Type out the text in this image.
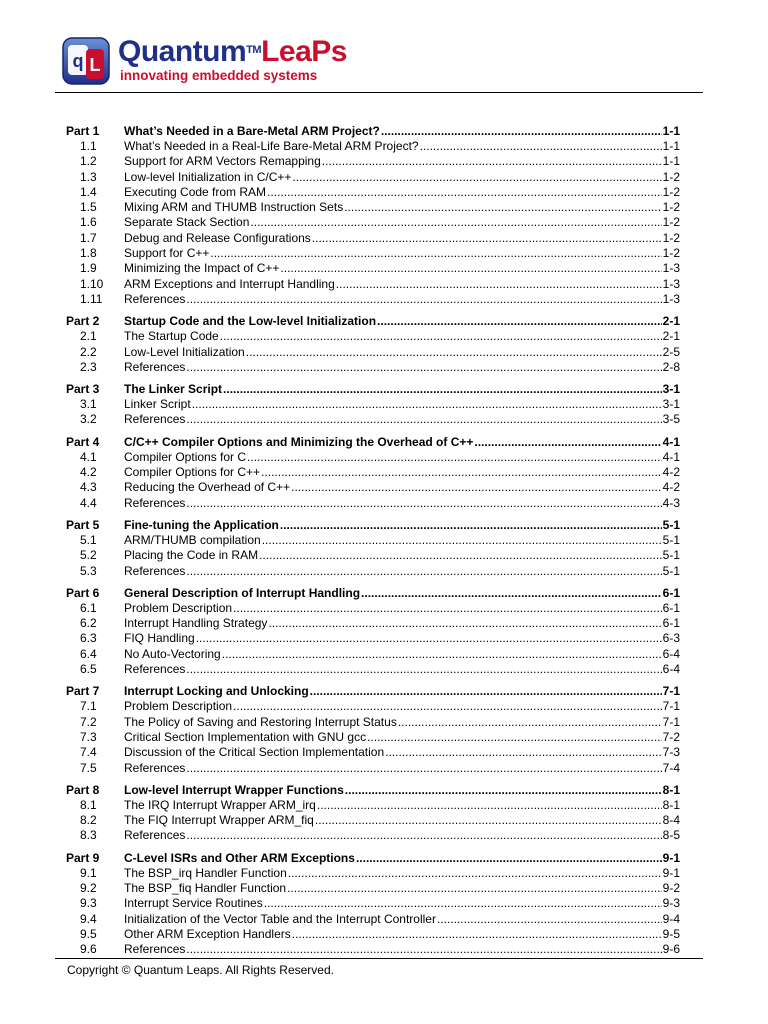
q L Quantum™LeaPs
innovating embedded systems
Part 1	What’s Needed in a Bare-Metal ARM Project? .....	1-1
1.1	What’s Needed in a Real-Life Bare-Metal ARM Project? .....	1-1
1.2	Support for ARM Vectors Remapping .....	1-1
1.3	Low-level Initialization in C/C++ .....	1-2
1.4	Executing Code from RAM .....	1-2
1.5	Mixing ARM and THUMB Instruction Sets .....	1-2
1.6	Separate Stack Section .....	1-2
1.7	Debug and Release Configurations .....	1-2
1.8	Support for C++ .....	1-2
1.9	Minimizing the Impact of C++ .....	1-3
1.10	ARM Exceptions and Interrupt Handling .....	1-3
1.11	References .....	1-3
Part 2	Startup Code and the Low-level Initialization .....	2-1
2.1	The Startup Code .....	2-1
2.2	Low-Level Initialization .....	2-5
2.3	References .....	2-8
Part 3	The Linker Script .....	3-1
3.1	Linker Script .....	3-1
3.2	References .....	3-5
Part 4	C/C++ Compiler Options and Minimizing the Overhead of C++ .....	4-1
4.1	Compiler Options for C .....	4-1
4.2	Compiler Options for C++ .....	4-2
4.3	Reducing the Overhead of C++ .....	4-2
4.4	References .....	4-3
Part 5	Fine-tuning the Application .....	5-1
5.1	ARM/THUMB compilation .....	5-1
5.2	Placing the Code in RAM .....	5-1
5.3	References .....	5-1
Part 6	General Description of Interrupt Handling .....	6-1
6.1	Problem Description .....	6-1
6.2	Interrupt Handling Strategy .....	6-1
6.3	FIQ Handling .....	6-3
6.4	No Auto-Vectoring .....	6-4
6.5	References .....	6-4
Part 7	Interrupt Locking and Unlocking .....	7-1
7.1	Problem Description .....	7-1
7.2	The Policy of Saving and Restoring Interrupt Status .....	7-1
7.3	Critical Section Implementation with GNU gcc .....	7-2
7.4	Discussion of the Critical Section Implementation .....	7-3
7.5	References .....	7-4
Part 8	Low-level Interrupt Wrapper Functions .....	8-1
8.1	The IRQ Interrupt Wrapper ARM_irq .....	8-1
8.2	The FIQ Interrupt Wrapper ARM_fiq .....	8-4
8.3	References .....	8-5
Part 9	C-Level ISRs and Other ARM Exceptions .....	9-1
9.1	The BSP_irq Handler Function .....	9-1
9.2	The BSP_fiq Handler Function .....	9-2
9.3	Interrupt Service Routines .....	9-3
9.4	Initialization of the Vector Table and the Interrupt Controller .....	9-4
9.5	Other ARM Exception Handlers .....	9-5
9.6	References .....	9-6
Copyright © Quantum Leaps. All Rights Reserved.
